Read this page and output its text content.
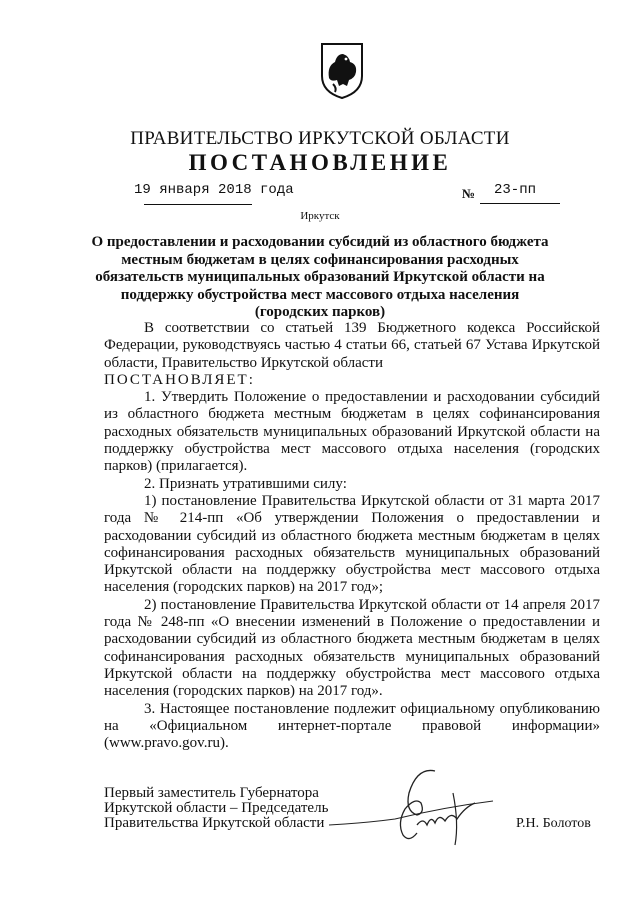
ПРАВИТЕЛЬСТВО ИРКУТСКОЙ ОБЛАСТИ
ПОСТАНОВЛЕНИЕ
19 января 2018 года	№ 23-пп
Иркутск
О предоставлении и расходовании субсидий из областного бюджета местным бюджетам в целях софинансирования расходных обязательств муниципальных образований Иркутской области на поддержку обустройства мест массового отдыха населения (городских парков)

В соответствии со статьей 139 Бюджетного кодекса Российской Федерации, руководствуясь частью 4 статьи 66, статьей 67 Устава Иркутской области, Правительство Иркутской области

ПОСТАНОВЛЯЕТ:

1. Утвердить Положение о предоставлении и расходовании субсидий из областного бюджета местным бюджетам в целях софинансирования расходных обязательств муниципальных образований Иркутской области на поддержку обустройства мест массового отдыха населения (городских парков) (прилагается).

2. Признать утратившими силу:

1) постановление Правительства Иркутской области от 31 марта 2017 года № 214-пп «Об утверждении Положения о предоставлении и расходовании субсидий из областного бюджета местным бюджетам в целях софинансирования расходных обязательств муниципальных образований Иркутской области на поддержку обустройства мест массового отдыха населения (городских парков) на 2017 год»;

2) постановление Правительства Иркутской области от 14 апреля 2017 года № 248-пп «О внесении изменений в Положение о предоставлении и расходовании субсидий из областного бюджета местным бюджетам в целях софинансирования расходных обязательств муниципальных образований Иркутской области на поддержку обустройства мест массового отдыха населения (городских парков) на 2017 год».

3. Настоящее постановление подлежит официальному опубликованию на «Официальном интернет-портале правовой информации» (www.pravo.gov.ru).

Первый заместитель Губернатора
Иркутской области – Председатель
Правительства Иркутской области	Р.Н. Болотов
